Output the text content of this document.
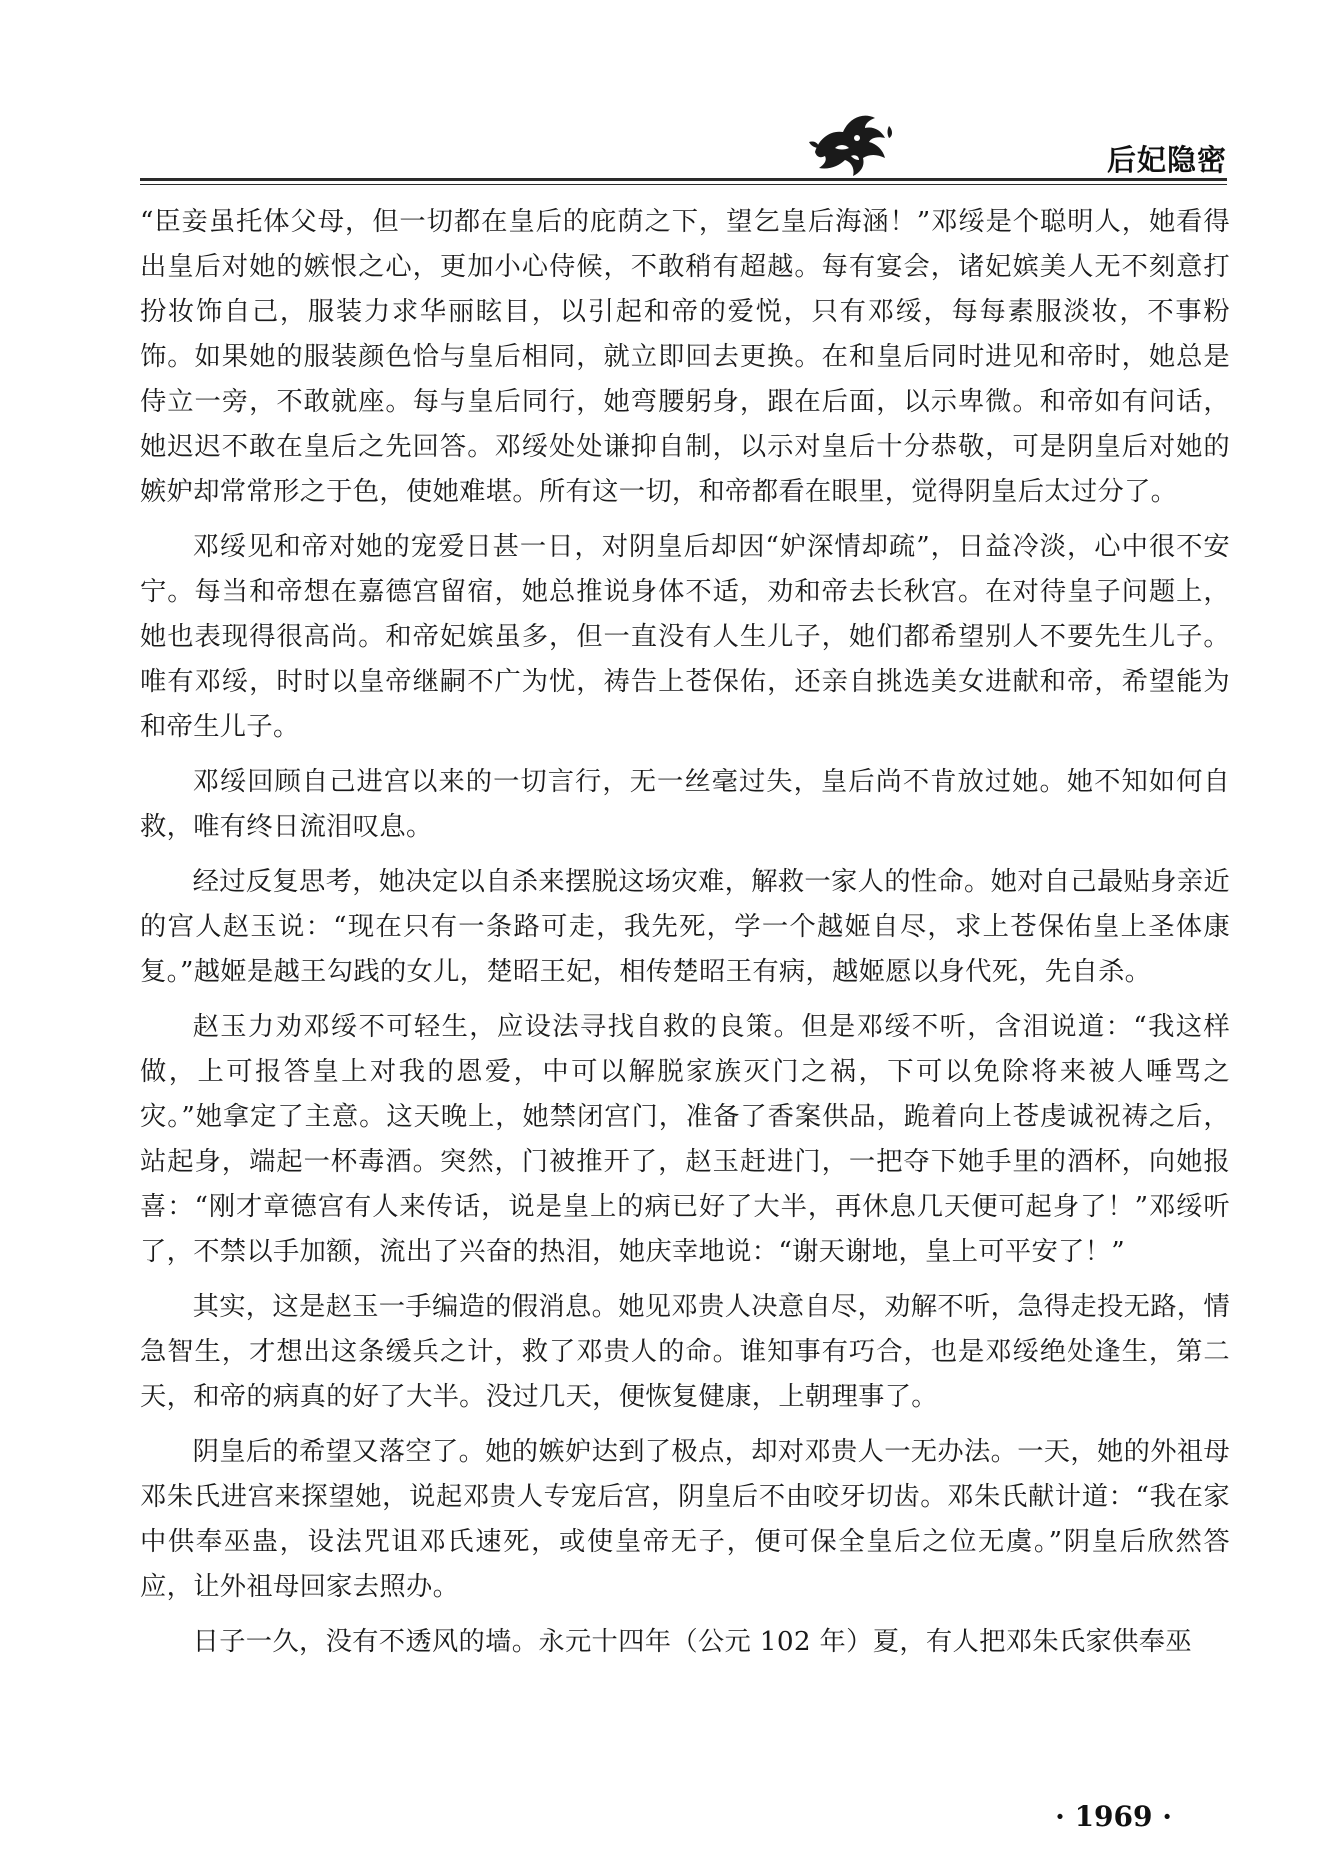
后妃隐密

“臣妾虽托体父母，但一切都在皇后的庇荫之下，望乞皇后海涵！”邓绥是个聪明人，她看得出皇后对她的嫉恨之心，更加小心侍候，不敢稍有超越。每有宴会，诸妃嫔美人无不刻意打扮妆饰自己，服装力求华丽眩目，以引起和帝的爱悦，只有邓绥，每每素服淡妆，不事粉饰。如果她的服装颜色恰与皇后相同，就立即回去更换。在和皇后同时进见和帝时，她总是侍立一旁，不敢就座。每与皇后同行，她弯腰躬身，跟在后面，以示卑微。和帝如有问话，她迟迟不敢在皇后之先回答。邓绥处处谦抑自制，以示对皇后十分恭敬，可是阴皇后对她的嫉妒却常常形之于色，使她难堪。所有这一切，和帝都看在眼里，觉得阴皇后太过分了。

邓绥见和帝对她的宠爱日甚一日，对阴皇后却因“妒深情却疏”，日益冷淡，心中很不安宁。每当和帝想在嘉德宫留宿，她总推说身体不适，劝和帝去长秋宫。在对待皇子问题上，她也表现得很高尚。和帝妃嫔虽多，但一直没有人生儿子，她们都希望别人不要先生儿子。唯有邓绥，时时以皇帝继嗣不广为忧，祷告上苍保佑，还亲自挑选美女进献和帝，希望能为和帝生儿子。

邓绥回顾自己进宫以来的一切言行，无一丝毫过失，皇后尚不肯放过她。她不知如何自救，唯有终日流泪叹息。

经过反复思考，她决定以自杀来摆脱这场灾难，解救一家人的性命。她对自己最贴身亲近的宫人赵玉说：“现在只有一条路可走，我先死，学一个越姬自尽，求上苍保佑皇上圣体康复。”越姬是越王勾践的女儿，楚昭王妃，相传楚昭王有病，越姬愿以身代死，先自杀。

赵玉力劝邓绥不可轻生，应设法寻找自救的良策。但是邓绥不听，含泪说道：“我这样做，上可报答皇上对我的恩爱，中可以解脱家族灭门之祸，下可以免除将来被人唾骂之灾。”她拿定了主意。这天晚上，她禁闭宫门，准备了香案供品，跪着向上苍虔诚祝祷之后，站起身，端起一杯毒酒。突然，门被推开了，赵玉赶进门，一把夺下她手里的酒杯，向她报喜：“刚才章德宫有人来传话，说是皇上的病已好了大半，再休息几天便可起身了！”邓绥听了，不禁以手加额，流出了兴奋的热泪，她庆幸地说：“谢天谢地，皇上可平安了！”

其实，这是赵玉一手编造的假消息。她见邓贵人决意自尽，劝解不听，急得走投无路，情急智生，才想出这条缓兵之计，救了邓贵人的命。谁知事有巧合，也是邓绥绝处逢生，第二天，和帝的病真的好了大半。没过几天，便恢复健康，上朝理事了。

阴皇后的希望又落空了。她的嫉妒达到了极点，却对邓贵人一无办法。一天，她的外祖母邓朱氏进宫来探望她，说起邓贵人专宠后宫，阴皇后不由咬牙切齿。邓朱氏献计道：“我在家中供奉巫蛊，设法咒诅邓氏速死，或使皇帝无子，便可保全皇后之位无虞。”阴皇后欣然答应，让外祖母回家去照办。

日子一久，没有不透风的墙。永元十四年（公元 102 年）夏，有人把邓朱氏家供奉巫

· 1969 ·
